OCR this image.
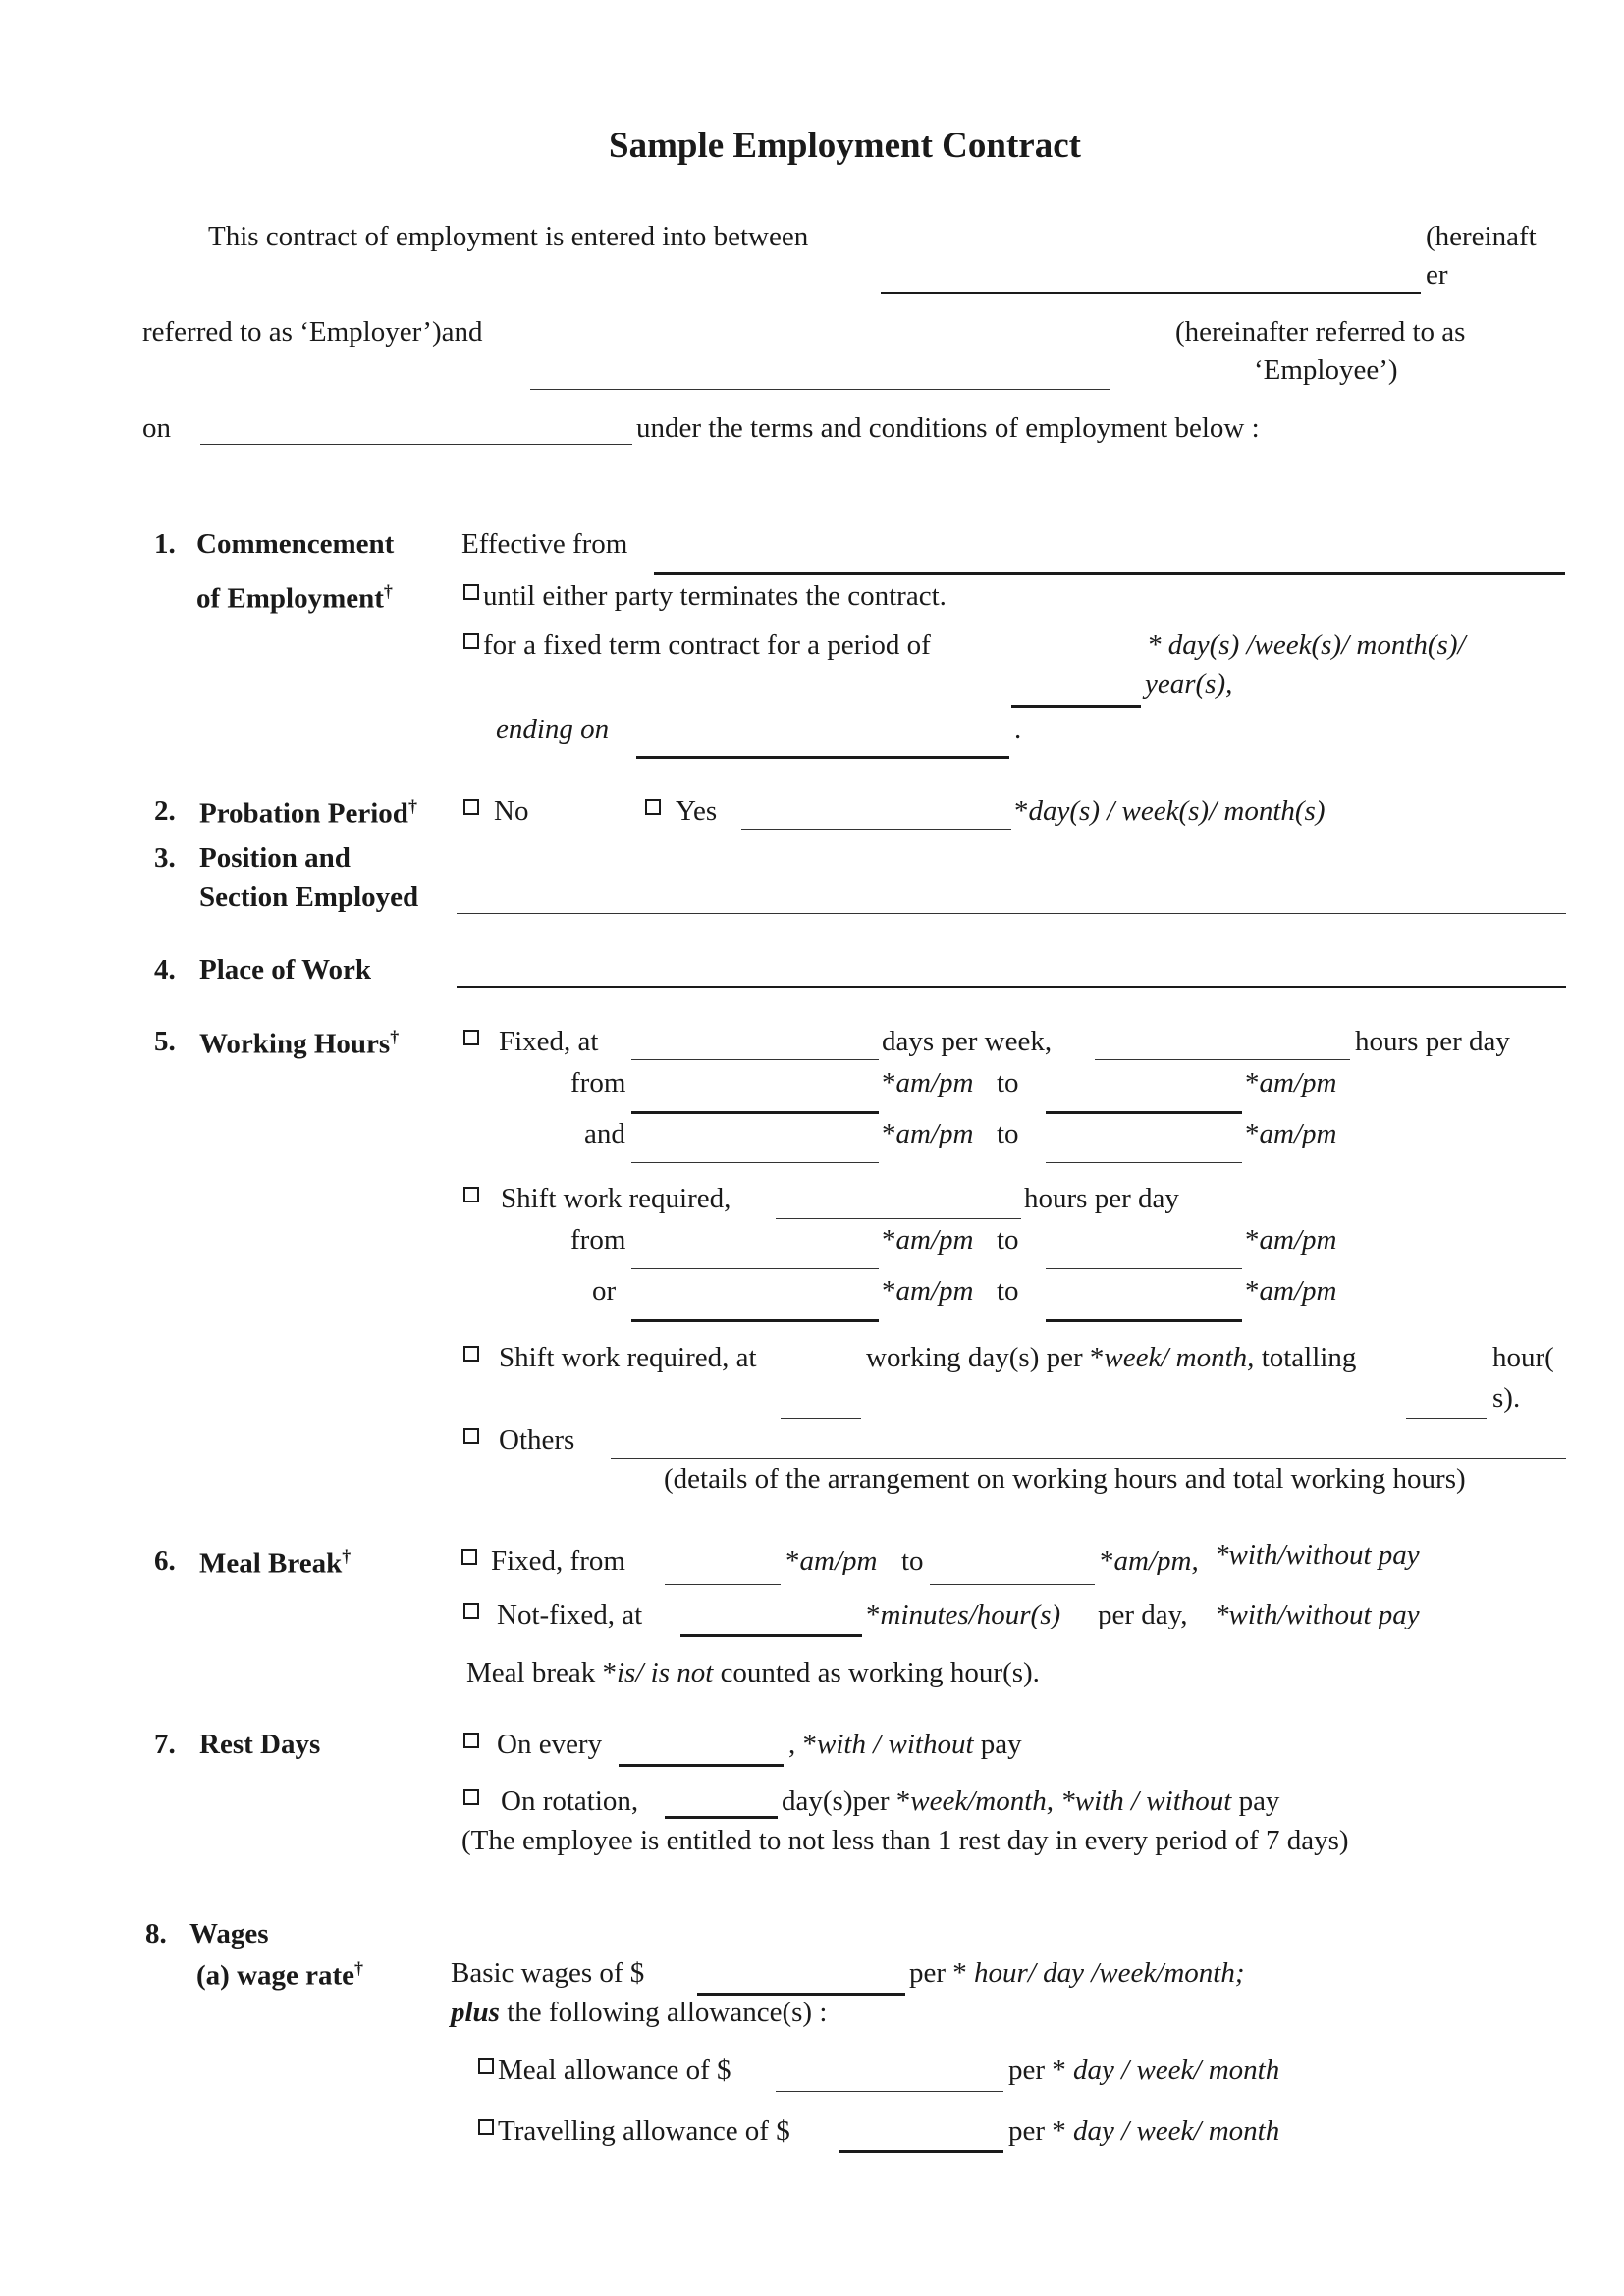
Sample Employment Contract
This contract of employment is entered into between	(hereinaft
er
referred to as ‘Employer’)and	(hereinafter referred to as
‘Employee’)
on	under the terms and conditions of employment below :
1. Commencement
of Employment†
Effective from
until either party terminates the contract.
for a fixed term contract for a period of	* day(s) /week(s)/ month(s)/
year(s),
ending on	.
2. Probation Period†	No	Yes	*day(s) / week(s)/ month(s)
3. Position and
Section Employed
4. Place of Work
5. Working Hours†	Fixed, at	days per week,	hours per day
from	*am/pm to	*am/pm
and	*am/pm to	*am/pm
Shift work required,	hours per day
from	*am/pm to	*am/pm
or	*am/pm to	*am/pm
Shift work required, at	working day(s) per *week/ month, totalling	hour(
s).
Others
(details of the arrangement on working hours and total working hours)
6. Meal Break†	Fixed, from	*am/pm to	*am/pm, *with/without pay
Not-fixed, at	*minutes/hour(s) per day, *with/without pay
Meal break *is/ is not counted as working hour(s).
7. Rest Days	On every	, *with / without pay
On rotation,	day(s)per *week/month, *with / without pay
(The employee is entitled to not less than 1 rest day in every period of 7 days)
8. Wages
(a) wage rate†	Basic wages of $	per * hour/ day /week/month;
plus the following allowance(s) :
Meal allowance of $	per * day / week/ month
Travelling allowance of $	per * day / week/ month
